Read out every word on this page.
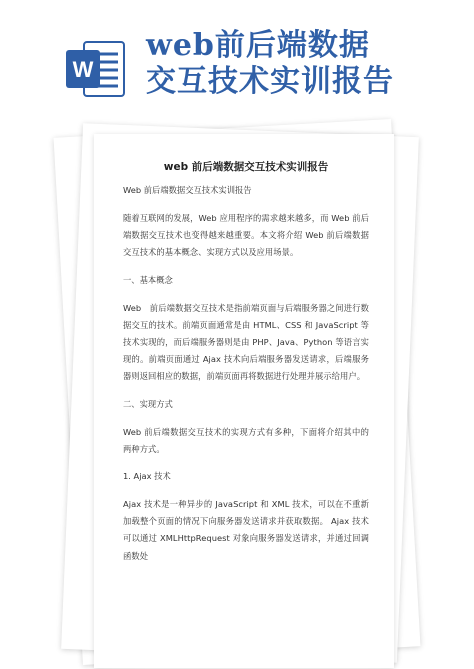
W
web前后端数据
交互技术实训报告
web 前后端数据交互技术实训报告
Web 前后端数据交互技术实训报告
随着互联网的发展，Web 应用程序的需求越来越多，而 Web 前后端数据交互技术也变得越来越重要。本文将介绍 Web 前后端数据交互技术的基本概念、实现方式以及应用场景。
一、基本概念
Web　前后端数据交互技术是指前端页面与后端服务器之间进行数据交互的技术。前端页面通常是由 HTML、CSS 和 JavaScript 等技术实现的，而后端服务器则是由 PHP、Java、Python 等语言实现的。前端页面通过 Ajax 技术向后端服务器发送请求，后端服务器则返回相应的数据，前端页面再将数据进行处理并展示给用户。
二、实现方式
Web 前后端数据交互技术的实现方式有多种，下面将介绍其中的两种方式。
1. Ajax 技术
Ajax 技术是一种异步的 JavaScript 和 XML 技术，可以在不重新加载整个页面的情况下向服务器发送请求并获取数据。 Ajax 技术可以通过 XMLHttpRequest 对象向服务器发送请求，并通过回调函数处
